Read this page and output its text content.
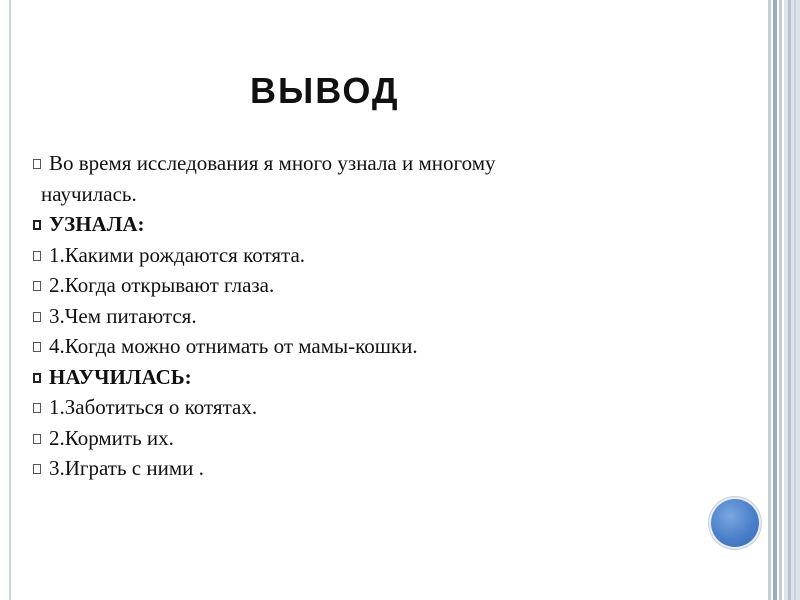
ВЫВОД
Во время исследования я много узнала и многому
научилась.
УЗНАЛА:
1.Какими рождаются котята.
2.Когда открывают глаза.
3.Чем питаются.
4.Когда можно отнимать от мамы-кошки.
НАУЧИЛАСЬ:
1.Заботиться о котятах.
2.Кормить их.
3.Играть с ними .
